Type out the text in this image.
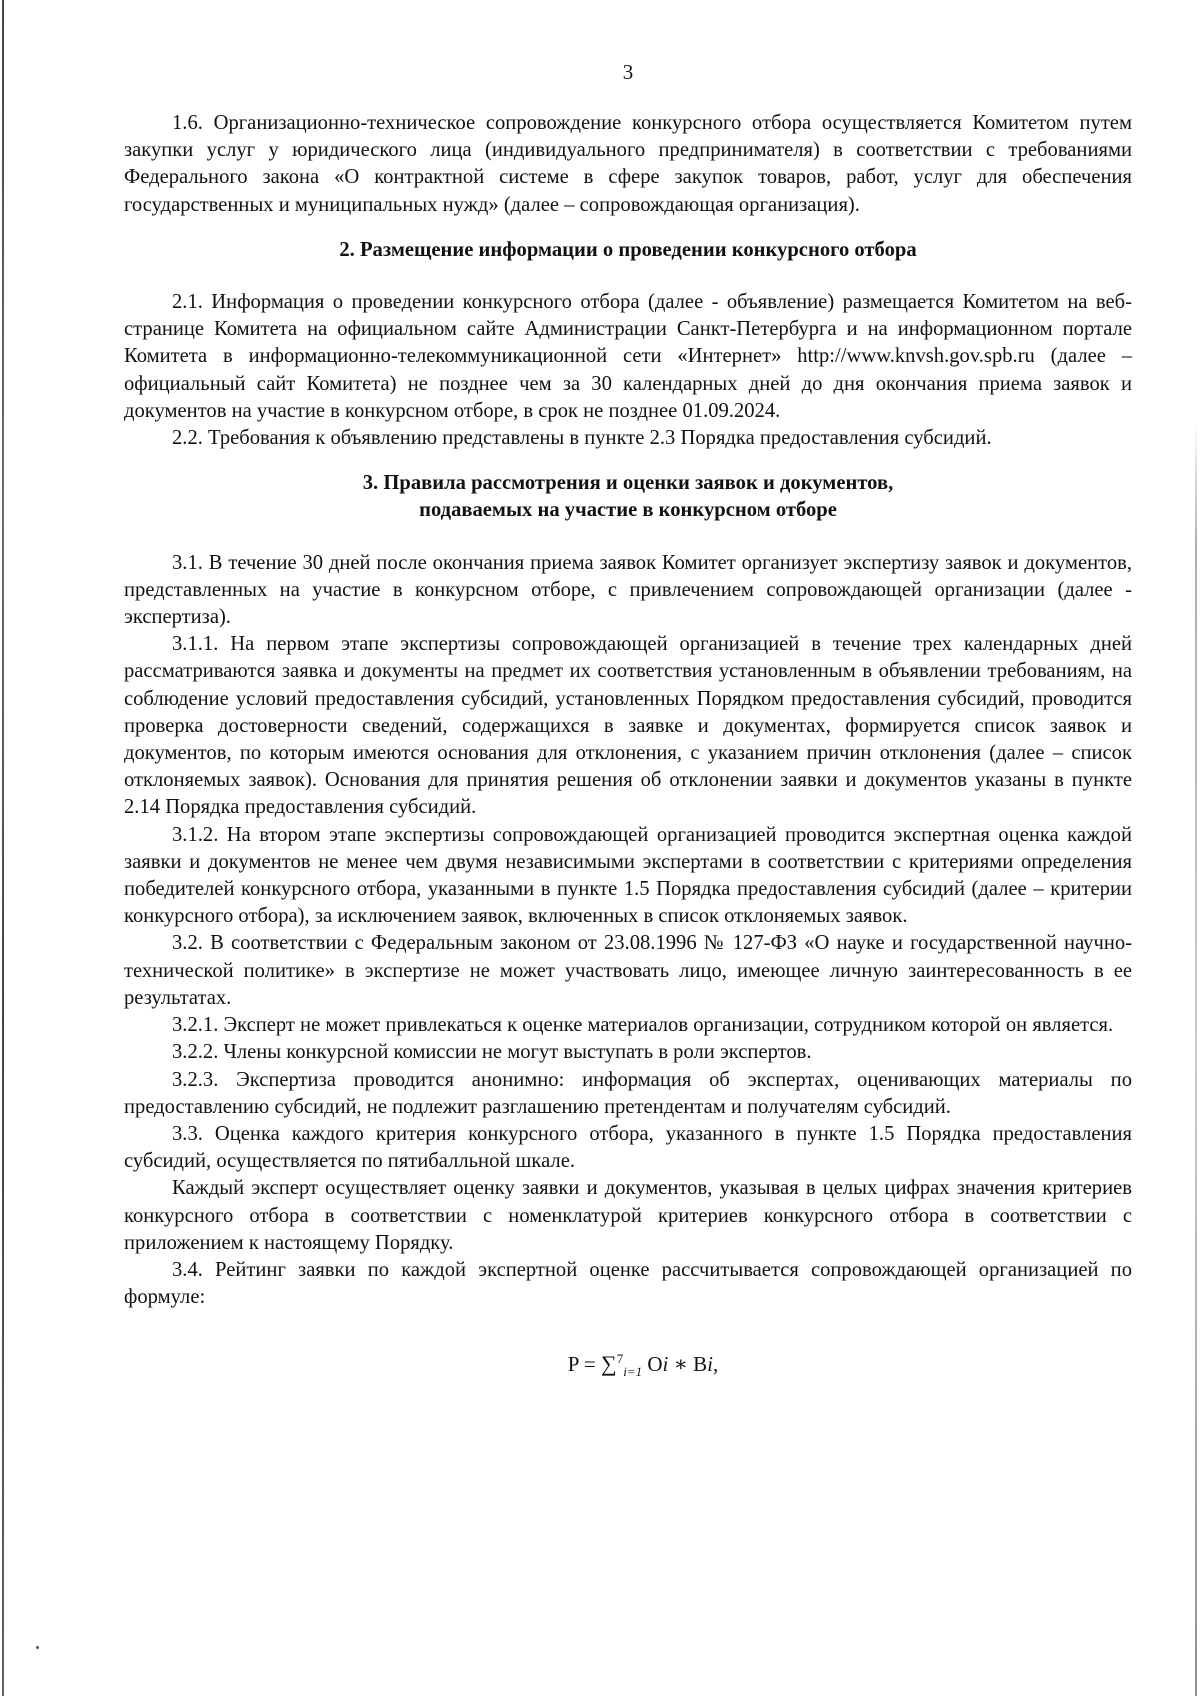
3

1.6. Организационно-техническое сопровождение конкурсного отбора осуществляется Комитетом путем закупки услуг у юридического лица (индивидуального предпринимателя) в соответствии с требованиями Федерального закона «О контрактной системе в сфере закупок товаров, работ, услуг для обеспечения государственных и муниципальных нужд» (далее – сопровождающая организация).

2. Размещение информации о проведении конкурсного отбора

2.1. Информация о проведении конкурсного отбора (далее - объявление) размещается Комитетом на веб-странице Комитета на официальном сайте Администрации Санкт-Петербурга и на информационном портале Комитета в информационно-телекоммуникационной сети «Интернет» http://www.knvsh.gov.spb.ru (далее – официальный сайт Комитета) не позднее чем за 30 календарных дней до дня окончания приема заявок и документов на участие в конкурсном отборе, в срок не позднее 01.09.2024.

2.2. Требования к объявлению представлены в пункте 2.3 Порядка предоставления субсидий.

3. Правила рассмотрения и оценки заявок и документов,
подаваемых на участие в конкурсном отборе

3.1. В течение 30 дней после окончания приема заявок Комитет организует экспертизу заявок и документов, представленных на участие в конкурсном отборе, с привлечением сопровождающей организации (далее - экспертиза).

3.1.1. На первом этапе экспертизы сопровождающей организацией в течение трех календарных дней рассматриваются заявка и документы на предмет их соответствия установленным в объявлении требованиям, на соблюдение условий предоставления субсидий, установленных Порядком предоставления субсидий, проводится проверка достоверности сведений, содержащихся в заявке и документах, формируется список заявок и документов, по которым имеются основания для отклонения, с указанием причин отклонения (далее – список отклоняемых заявок). Основания для принятия решения об отклонении заявки и документов указаны в пункте 2.14 Порядка предоставления субсидий.

3.1.2. На втором этапе экспертизы сопровождающей организацией проводится экспертная оценка каждой заявки и документов не менее чем двумя независимыми экспертами в соответствии с критериями определения победителей конкурсного отбора, указанными в пункте 1.5 Порядка предоставления субсидий (далее – критерии конкурсного отбора), за исключением заявок, включенных в список отклоняемых заявок.

3.2. В соответствии с Федеральным законом от 23.08.1996 № 127-ФЗ «О науке и государственной научно-технической политике» в экспертизе не может участвовать лицо, имеющее личную заинтересованность в ее результатах.

3.2.1. Эксперт не может привлекаться к оценке материалов организации, сотрудником которой он является.

3.2.2. Члены конкурсной комиссии не могут выступать в роли экспертов.

3.2.3. Экспертиза проводится анонимно: информация об экспертах, оценивающих материалы по предоставлению субсидий, не подлежит разглашению претендентам и получателям субсидий.

3.3. Оценка каждого критерия конкурсного отбора, указанного в пункте 1.5 Порядка предоставления субсидий, осуществляется по пятибалльной шкале.

Каждый эксперт осуществляет оценку заявки и документов, указывая в целых цифрах значения критериев конкурсного отбора в соответствии с номенклатурой критериев конкурсного отбора в соответствии с приложением к настоящему Порядку.

3.4. Рейтинг заявки по каждой экспертной оценке рассчитывается сопровождающей организацией по формуле:

P = ∑$^7_{i=1}$ Oi ∗ Bi,
